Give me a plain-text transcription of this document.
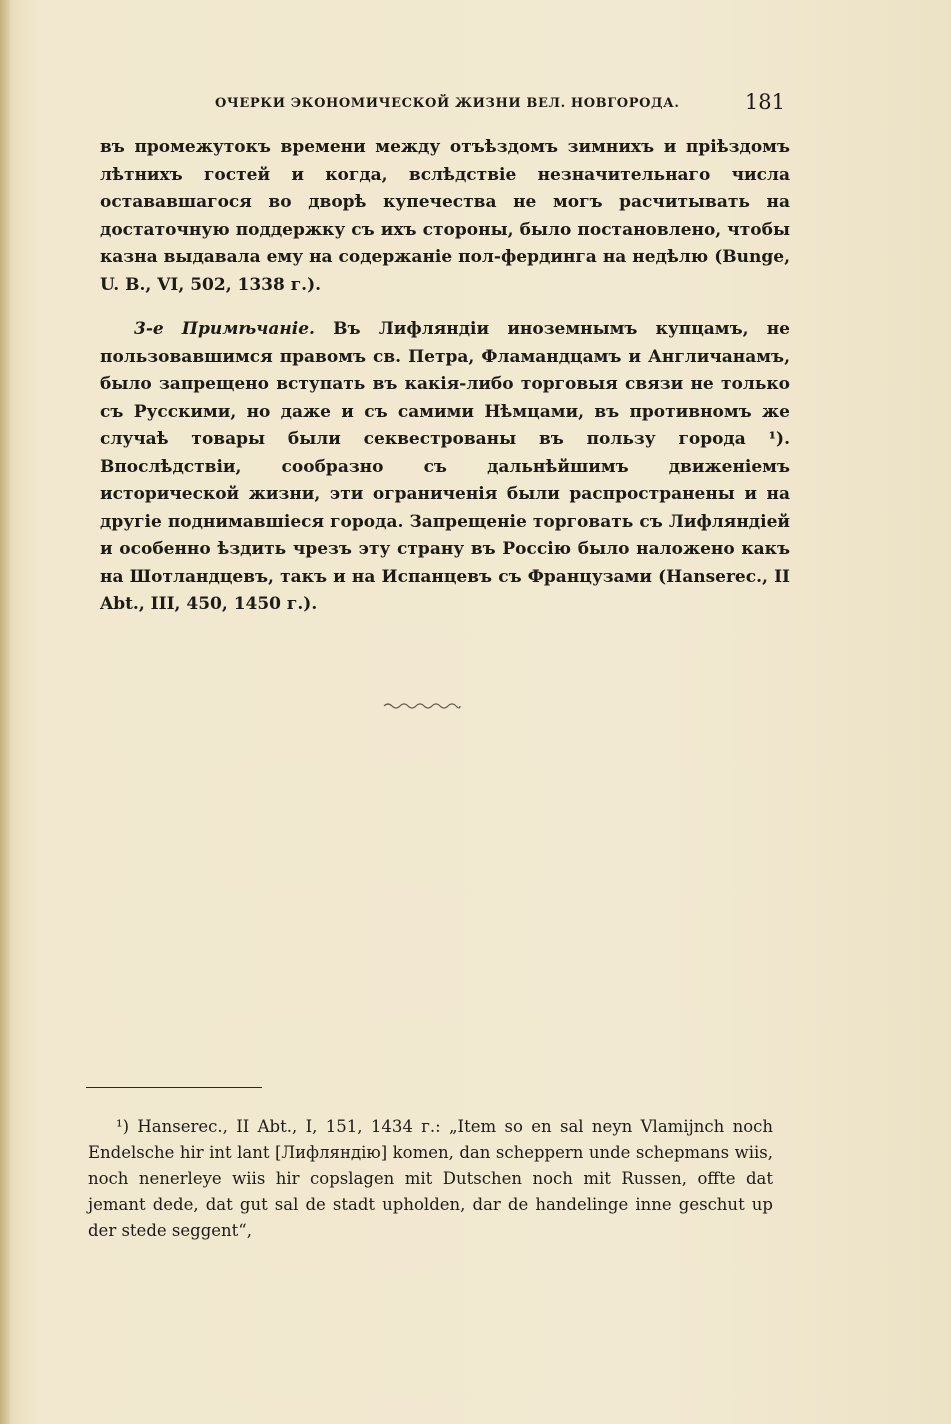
ОЧЕРКИ ЭКОНОМИЧЕСКОЙ ЖИЗНИ ВЕЛ. НОВГОРОДА.	181

въ промежутокъ времени между отъѣздомъ зимнихъ и пріѣздомъ лѣтнихъ гостей и когда, вслѣдствіе незначительнаго числа остававшагося во дворѣ купечества не могъ расчитывать на достаточную поддержку съ ихъ стороны, было постановлено, чтобы казна выдавала ему на содержаніе пол-фердинга на недѣлю (Bunge, U. B., VI, 502, 1338 г.).

3-е Примѣчаніе. Въ Лифляндіи иноземнымъ купцамъ, не пользовавшимся правомъ св. Петра, Фламандцамъ и Англичанамъ, было запрещено вступать въ какія-либо торговыя связи не только съ Русскими, но даже и съ самими Нѣмцами, въ противномъ же случаѣ товары были секвестрованы въ пользу города ¹). Впослѣдствіи, сообразно съ дальнѣйшимъ движеніемъ исторической жизни, эти ограниченія были распространены и на другіе поднимавшіеся города. Запрещеніе торговать съ Лифляндіей и особенно ѣздить чрезъ эту страну въ Россію было наложено какъ на Шотландцевъ, такъ и на Испанцевъ съ Французами (Hanserec., II Abt., III, 450, 1450 г.).

¹) Hanserec., II Abt., I, 151, 1434 г.: „Item so en sal neyn Vlamijnch noch Endelsche hir int lant [Лифляндію] komen, dan scheppern unde schepmans wiis, noch nenerleye wiis hir copslagen mit Dutschen noch mit Russen, offte dat jemant dede, dat gut sal de stadt upholden, dar de handelinge inne geschut up der stede seggent“,
